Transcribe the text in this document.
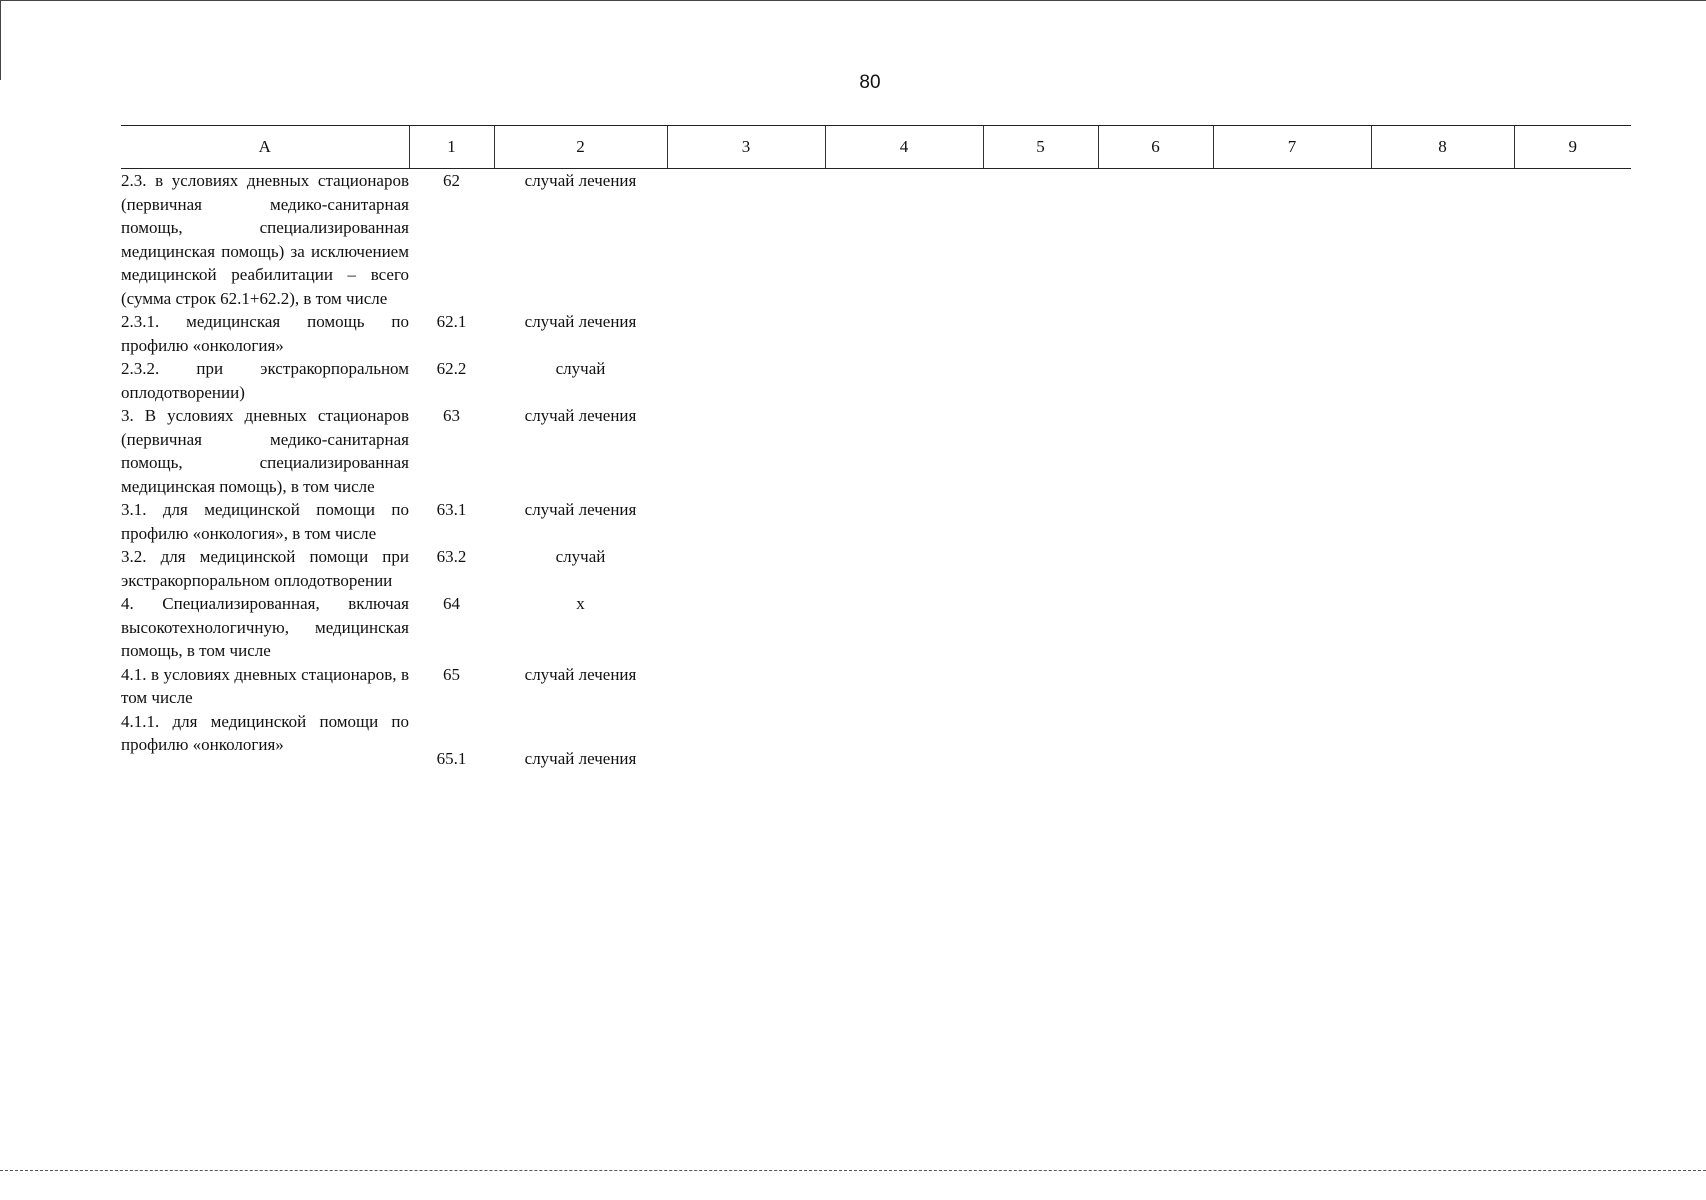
80
А	1	2	3	4	5	6	7	8	9
2.3. в условиях дневных стационаров (первичная медико-санитарная помощь, специализированная медицинская помощь) за исключением медицинской реабилитации – всего (сумма строк 62.1+62.2), в том числе	62	случай лечения							
2.3.1. медицинская помощь по профилю «онкология»	62.1	случай лечения							
2.3.2. при экстракорпоральном оплодотворении)	62.2	случай							
3. В условиях дневных стационаров (первичная медико-санитарная помощь, специализированная медицинская помощь), в том числе	63	случай лечения							
3.1. для медицинской помощи по профилю «онкология», в том числе	63.1	случай лечения							
3.2. для медицинской помощи при экстракорпоральном оплодотворении	63.2	случай							
4. Специализированная, включая высокотехнологичную, медицинская помощь, в том числе	64	х							
4.1. в условиях дневных стационаров, в том числе	65	случай лечения							
4.1.1. для медицинской помощи по профилю «онкология»	65.1	случай лечения							
